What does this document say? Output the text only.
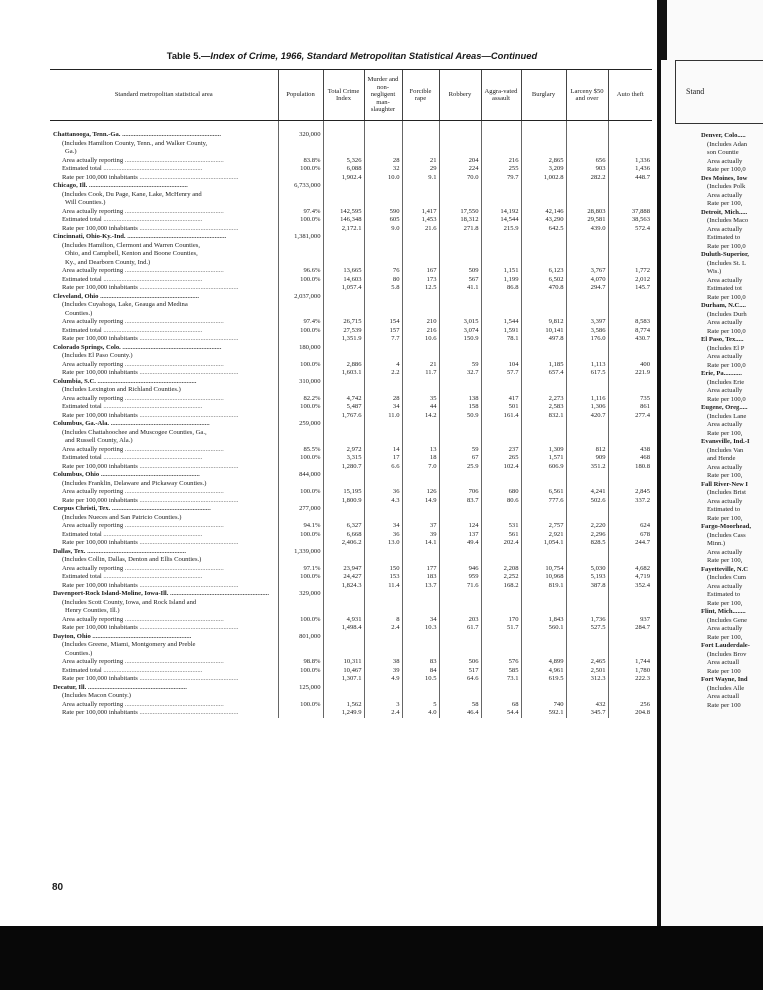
Stand
Denver, Colo.....
(Includes Adan
son Countie
Area actually
Rate per 100,0
Des Moines, Iow
(Includes Polk
Area actually
Rate per 100,
Detroit, Mich.....
(Includes Maco
Area actually
Estimated to
Rate per 100,0
Duluth-Superior,
(Includes St. L
Wis.)
Area actually
Estimated tot
Rate per 100,0
Durham, N.C....
(Includes Durh
Area actually
Rate per 100,0
El Paso, Tex.....
(Includes El P
Area actually
Rate per 100,0
Erie, Pa...........
(Includes Erie
Area actually
Rate per 100,0
Eugene, Oreg.....
(Includes Lane
Area actually
Rate per 100,
Evansville, Ind.-I
(Includes Van
and Hende
Area actually
Rate per 100,
Fall River-New I
(Includes Brist
Area actually
Estimated to
Rate per 100,
Fargo-Moorhead,
(Includes Cass
Minn.)
Area actually
Rate per 100,
Fayetteville, N.C
(Includes Cum
Area actually
Estimated to
Rate per 100,
Flint, Mich........
(Includes Gene
Area actually
Rate per 100,
Fort Lauderdale-
(Includes Brov
Area actuall
Rate per 100
Fort Wayne, Ind
(Includes Alle
Area actuall
Rate per 100
Table 5.—Index of Crime, 1966, Standard Metropolitan Statistical Areas—Continued
Standard metropolitan statistical area	Population	Total Crime Index	Murder and non-negligent man-slaughter	Forcible rape	Robbery	Aggra-vated assault	Burglary	Larceny $50 and over	Auto theft
Chattanooga, Tenn.-Ga. .....	320,000								
(Includes Hamilton County, Tenn., and Walker County,									
Ga.)									
Area actually reporting .....	83.8%	5,326	28	21	204	216	2,865	656	1,336
Estimated total .....	100.0%	6,088	32	29	224	255	3,209	903	1,436
Rate per 100,000 inhabitants .....		1,902.4	10.0	9.1	70.0	79.7	1,002.8	282.2	448.7
Chicago, Ill. .....	6,733,000								
(Includes Cook, Du Page, Kane, Lake, McHenry and									
Will Counties.)									
Area actually reporting .....	97.4%	142,595	590	1,417	17,550	14,192	42,146	28,803	37,888
Estimated total .....	100.0%	146,348	605	1,453	18,312	14,544	43,290	29,581	38,563
Rate per 100,000 inhabitants .....		2,172.1	9.0	21.6	271.8	215.9	642.5	439.0	572.4
Cincinnati, Ohio-Ky.-Ind. .....	1,381,000								
(Includes Hamilton, Clermont and Warren Counties,									
Ohio, and Campbell, Kenton and Boone Counties,									
Ky., and Dearborn County, Ind.)									
Area actually reporting .....	96.6%	13,665	76	167	509	1,151	6,123	3,767	1,772
Estimated total .....	100.0%	14,603	80	173	567	1,199	6,502	4,070	2,012
Rate per 100,000 inhabitants .....		1,057.4	5.8	12.5	41.1	86.8	470.8	294.7	145.7
Cleveland, Ohio .....	2,037,000								
(Includes Cuyahoga, Lake, Geauga and Medina									
Counties.)									
Area actually reporting .....	97.4%	26,715	154	210	3,015	1,544	9,812	3,397	8,583
Estimated total .....	100.0%	27,539	157	216	3,074	1,591	10,141	3,586	8,774
Rate per 100,000 inhabitants .....		1,351.9	7.7	10.6	150.9	78.1	497.8	176.0	430.7
Colorado Springs, Colo. .....	180,000								
(Includes El Paso County.)									
Area actually reporting .....	100.0%	2,886	4	21	59	104	1,185	1,113	400
Rate per 100,000 inhabitants .....		1,603.1	2.2	11.7	32.7	57.7	657.4	617.5	221.9
Columbia, S.C. .....	310,000								
(Includes Lexington and Richland Counties.)									
Area actually reporting .....	82.2%	4,742	28	35	138	417	2,273	1,116	735
Estimated total .....	100.0%	5,487	34	44	158	501	2,583	1,306	861
Rate per 100,000 inhabitants .....		1,767.6	11.0	14.2	50.9	161.4	832.1	420.7	277.4
Columbus, Ga.-Ala. .....	259,000								
(Includes Chattahoochee and Muscogee Counties, Ga.,									
and Russell County, Ala.)									
Area actually reporting .....	85.5%	2,972	14	13	59	237	1,309	812	438
Estimated total .....	100.0%	3,315	17	18	67	265	1,571	909	468
Rate per 100,000 inhabitants .....		1,280.7	6.6	7.0	25.9	102.4	606.9	351.2	180.8
Columbus, Ohio .....	844,000								
(Includes Franklin, Delaware and Pickaway Counties.)									
Area actually reporting .....	100.0%	15,195	36	126	706	680	6,561	4,241	2,845
Rate per 100,000 inhabitants .....		1,800.9	4.3	14.9	83.7	80.6	777.6	502.6	337.2
Corpus Christi, Tex. .....	277,000								
(Includes Nueces and San Patricio Counties.)									
Area actually reporting .....	94.1%	6,327	34	37	124	531	2,757	2,220	624
Estimated total .....	100.0%	6,668	36	39	137	561	2,921	2,296	678
Rate per 100,000 inhabitants .....		2,406.2	13.0	14.1	49.4	202.4	1,054.1	828.5	244.7
Dallas, Tex. .....	1,339,000								
(Includes Collin, Dallas, Denton and Ellis Counties.)									
Area actually reporting .....	97.1%	23,947	150	177	946	2,208	10,754	5,030	4,682
Estimated total .....	100.0%	24,427	153	183	959	2,252	10,968	5,193	4,719
Rate per 100,000 inhabitants .....		1,824.3	11.4	13.7	71.6	168.2	819.1	387.8	352.4
Davenport-Rock Island-Moline, Iowa-Ill. .....	329,000								
(Includes Scott County, Iowa, and Rock Island and									
Henry Counties, Ill.)									
Area actually reporting .....	100.0%	4,931	8	34	203	170	1,843	1,736	937
Rate per 100,000 inhabitants .....		1,498.4	2.4	10.3	61.7	51.7	560.1	527.5	284.7
Dayton, Ohio .....	801,000								
(Includes Greene, Miami, Montgomery and Preble									
Counties.)									
Area actually reporting .....	98.8%	10,311	38	83	506	576	4,899	2,465	1,744
Estimated total .....	100.0%	10,467	39	84	517	585	4,961	2,501	1,780
Rate per 100,000 inhabitants .....		1,307.1	4.9	10.5	64.6	73.1	619.5	312.3	222.3
Decatur, Ill. .....	125,000								
(Includes Macon County.)									
Area actually reporting .....	100.0%	1,562	3	5	58	68	740	432	256
Rate per 100,000 inhabitants .....		1,249.9	2.4	4.0	46.4	54.4	592.1	345.7	204.8
80
